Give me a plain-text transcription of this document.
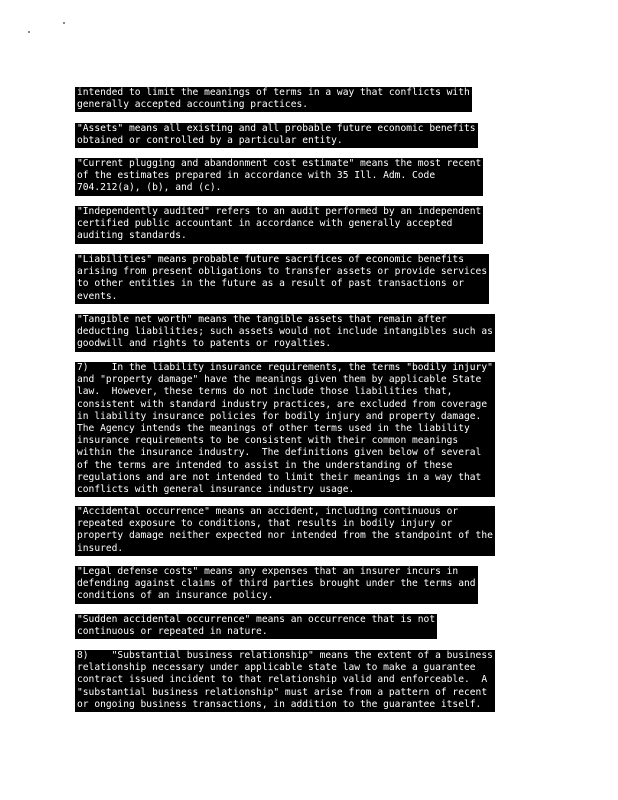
intended to limit the meanings of terms in a way that conflicts with
generally accepted accounting practices.
"Assets" means all existing and all probable future economic benefits
obtained or controlled by a particular entity.
"Current plugging and abandonment cost estimate" means the most recent
of the estimates prepared in accordance with 35 Ill. Adm. Code
704.212(a), (b), and (c).
"Independently audited" refers to an audit performed by an independent
certified public accountant in accordance with generally accepted
auditing standards.
"Liabilities" means probable future sacrifices of economic benefits
arising from present obligations to transfer assets or provide services
to other entities in the future as a result of past transactions or
events.
"Tangible net worth" means the tangible assets that remain after
deducting liabilities; such assets would not include intangibles such as
goodwill and rights to patents or royalties.
7)    In the liability insurance requirements, the terms "bodily injury"
and "property damage" have the meanings given them by applicable State
law.  However, these terms do not include those liabilities that,
consistent with standard industry practices, are excluded from coverage
in liability insurance policies for bodily injury and property damage.
The Agency intends the meanings of other terms used in the liability
insurance requirements to be consistent with their common meanings
within the insurance industry.  The definitions given below of several
of the terms are intended to assist in the understanding of these
regulations and are not intended to limit their meanings in a way that
conflicts with general insurance industry usage.
"Accidental occurrence" means an accident, including continuous or
repeated exposure to conditions, that results in bodily injury or
property damage neither expected nor intended from the standpoint of the
insured.
"Legal defense costs" means any expenses that an insurer incurs in
defending against claims of third parties brought under the terms and
conditions of an insurance policy.
"Sudden accidental occurrence" means an occurrence that is not
continuous or repeated in nature.
8)    "Substantial business relationship" means the extent of a business
relationship necessary under applicable state law to make a guarantee
contract issued incident to that relationship valid and enforceable.  A
"substantial business relationship" must arise from a pattern of recent
or ongoing business transactions, in addition to the guarantee itself.
